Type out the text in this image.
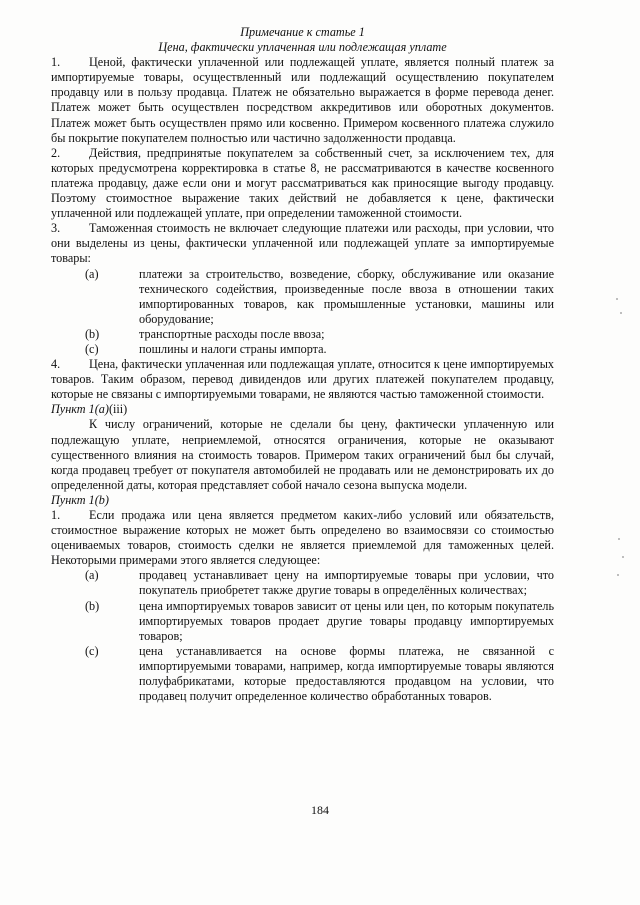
Примечание к статье 1

Цена, фактически уплаченная или подлежащая уплате

1. Ценой, фактически уплаченной или подлежащей уплате, является полный платеж за импортируемые товары, осуществленный или подлежащий осуществлению покупателем продавцу или в пользу продавца. Платеж не обязательно выражается в форме перевода денег. Платеж может быть осуществлен посредством аккредитивов или оборотных документов. Платеж может быть осуществлен прямо или косвенно. Примером косвенного платежа служило бы покрытие покупателем полностью или частично задолженности продавца.

2. Действия, предпринятые покупателем за собственный счет, за исключением тех, для которых предусмотрена корректировка в статье 8, не рассматриваются в качестве косвенного платежа продавцу, даже если они и могут рассматриваться как приносящие выгоду продавцу. Поэтому стоимостное выражение таких действий не добавляется к цене, фактически уплаченной или подлежащей уплате, при определении таможенной стоимости.

3. Таможенная стоимость не включает следующие платежи или расходы, при условии, что они выделены из цены, фактически уплаченной или подлежащей уплате за импортируемые товары:

(a)	платежи за строительство, возведение, сборку, обслуживание или оказание технического содействия, произведенные после ввоза в отношении таких импортированных товаров, как промышленные установки, машины или оборудование;
(b)	транспортные расходы после ввоза;
(c)	пошлины и налоги страны импорта.

4. Цена, фактически уплаченная или подлежащая уплате, относится к цене импортируемых товаров. Таким образом, перевод дивидендов или других платежей покупателем продавцу, которые не связаны с импортируемыми товарами, не являются частью таможенной стоимости.

Пункт 1(a)(iii)

К числу ограничений, которые не сделали бы цену, фактически уплаченную или подлежащую уплате, неприемлемой, относятся ограничения, которые не оказывают существенного влияния на стоимость товаров. Примером таких ограничений был бы случай, когда продавец требует от покупателя автомобилей не продавать или не демонстрировать их до определенной даты, которая представляет собой начало сезона выпуска модели.

Пункт 1(b)

1. Если продажа или цена является предметом каких-либо условий или обязательств, стоимостное выражение которых не может быть определено во взаимосвязи со стоимостью оцениваемых товаров, стоимость сделки не является приемлемой для таможенных целей. Некоторыми примерами этого является следующее:

(a)	продавец устанавливает цену на импортируемые товары при условии, что покупатель приобретет также другие товары в определённых количествах;
(b)	цена импортируемых товаров зависит от цены или цен, по которым покупатель импортируемых товаров продает другие товары продавцу импортируемых товаров;
(c)	цена устанавливается на основе формы платежа, не связанной с импортируемыми товарами, например, когда импортируемые товары являются полуфабрикатами, которые предоставляются продавцом на условии, что продавец получит определенное количество обработанных товаров.
184
